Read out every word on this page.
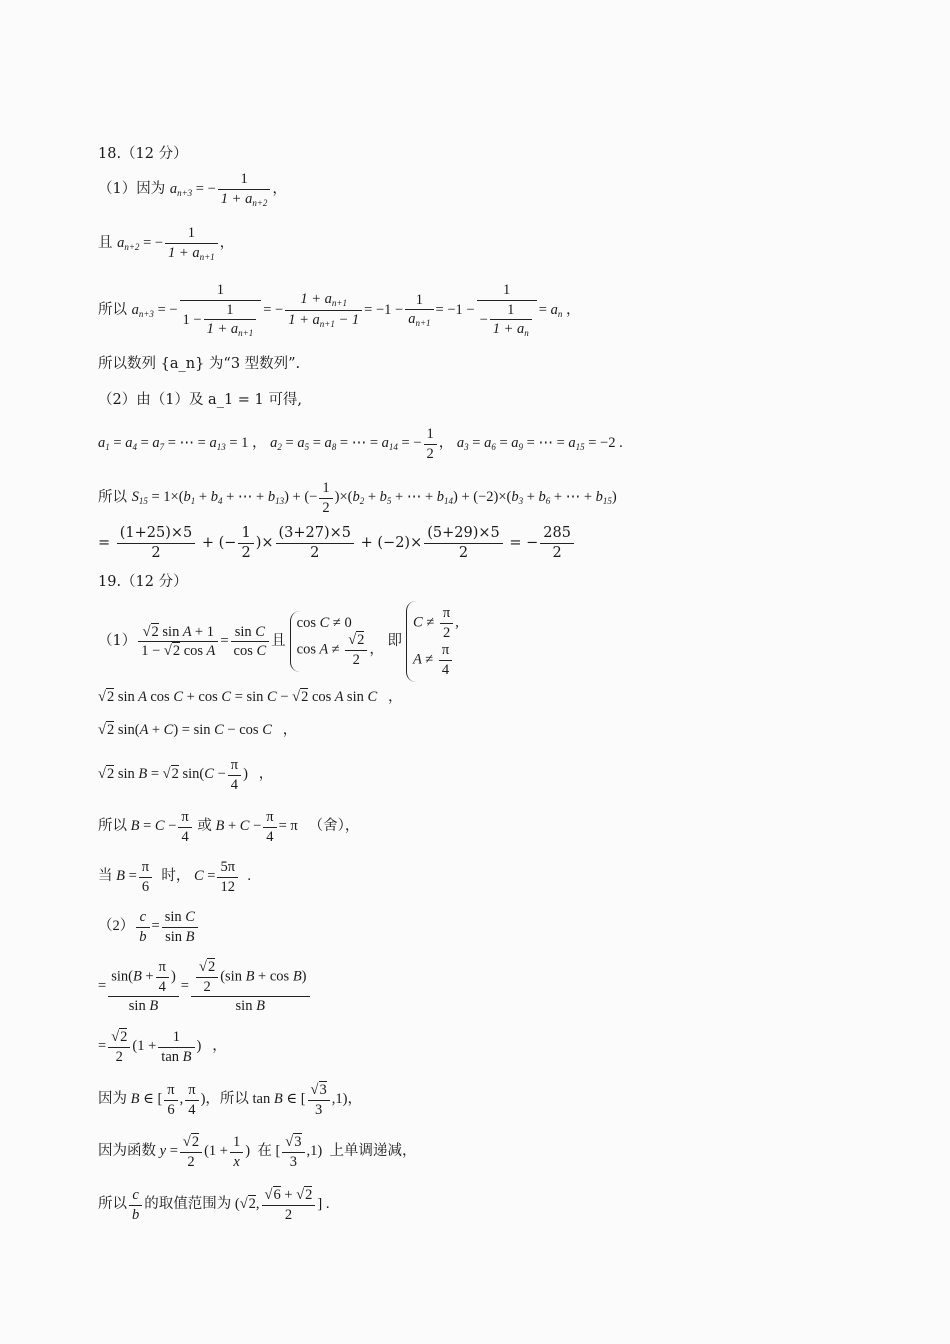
18.（12 分）
（1）因为 $a_{n+3}$ = − $\frac{1}{1 + a_{n+2}}$ ，
且 $a_{n+2}$ = − $\frac{1}{1 + a_{n+1}}$ ，
所以 $a_{n+3}$ = − $\frac{1}{1 - \frac{1}{1 + a_{n+1}}}$ = − $\frac{1 + a_{n+1}}{1 + a_{n+1} - 1} = -1 - \frac{1}{a_{n+1}} = -1 - \frac{1}{- \frac{1}{1 + a_n}} = a_n$ ，
所以数列 {a_n} 为“3 型数列”.
（2）由（1）及 a_1 = 1 可得,
$a_1 = a_4 = a_7$ = ⋯ = $a_{13} = 1$ ， $a_2 = a_5 = a_8$ = ⋯ = $a_{14}$ = − $\frac{1}{2}$ ， $a_3 = a_6 = a_9$ = ⋯ = $a_{15} = -2$ .
所以 $S_{15} = 1\times(b_1 + b_4$ + ⋯ + $b_{13}$) + (− $\frac{1}{2} )\times(b_2 + b_5$ + ⋯ + $b_{14}) + (-2)\times(b_3 + b_6$ + ⋯ + $b_{15}$)
= $\frac{(1+25)\times 5}{2}$ + (− $\frac{1}{2}$ )× $\frac{(3+27)\times 5}{2} + (-2)\times \frac{(5+29)\times 5}{2}$ = − $\frac{285}{2}$
19.（12 分）
$(1) \frac{\text{√2 sin A + 1}}{\text{1 − √2 cos A}} = \frac{\text{sin C}}{\text{cos C}}$ 且
cos C ≠ 0
$\cos A \ne \frac{√2}{2}$ ，
即
$C \ne \frac{\pi}{2}$ ,
$A \ne \frac{\pi}{4}$
√2 sin A cos C + cos C = sin C − √2 cos A sin C   ，
√2 sin(A + C) = sin C − cos C   ，
√2 sin B = √2 $\sin(C - \frac{\pi}{4}$ )   ，
所以 $B = C - \frac{\pi}{4}$ 或 $B + C - \frac{\pi}{4} = \pi$   （舍），
当 $B = \frac{\pi}{6}$ 时， $C = \frac{5\pi}{12}$ .
$(2) \frac{c}{b} = \frac{\text{sin C}}{\text{sin B}}$
= $\frac{\sin(B + \frac{\pi}{4} )}{\text{sin B}} = \frac{\frac{√2}{2} (\sin B + \cos B)}{\text{sin B}}$
= $\frac{√2}{2} (1 + \frac{1}{\text{tan B}}$ )   ，
因为 B ∈ [ $\frac{\pi}{6}$ , $\frac{\pi}{4}$ )，所以 tan B ∈ [ $\frac{√3}{3} ,1$)，
因为函数 $y = \frac{√2}{2} (1 + \frac{1}{x}$ )  在 [ $\frac{√3}{3} ,1$)  上单调递减，
所以 $\frac{c}{b}$ 的取值范围为 (√2, $\frac{√6 + √2}{2}$ ] .
